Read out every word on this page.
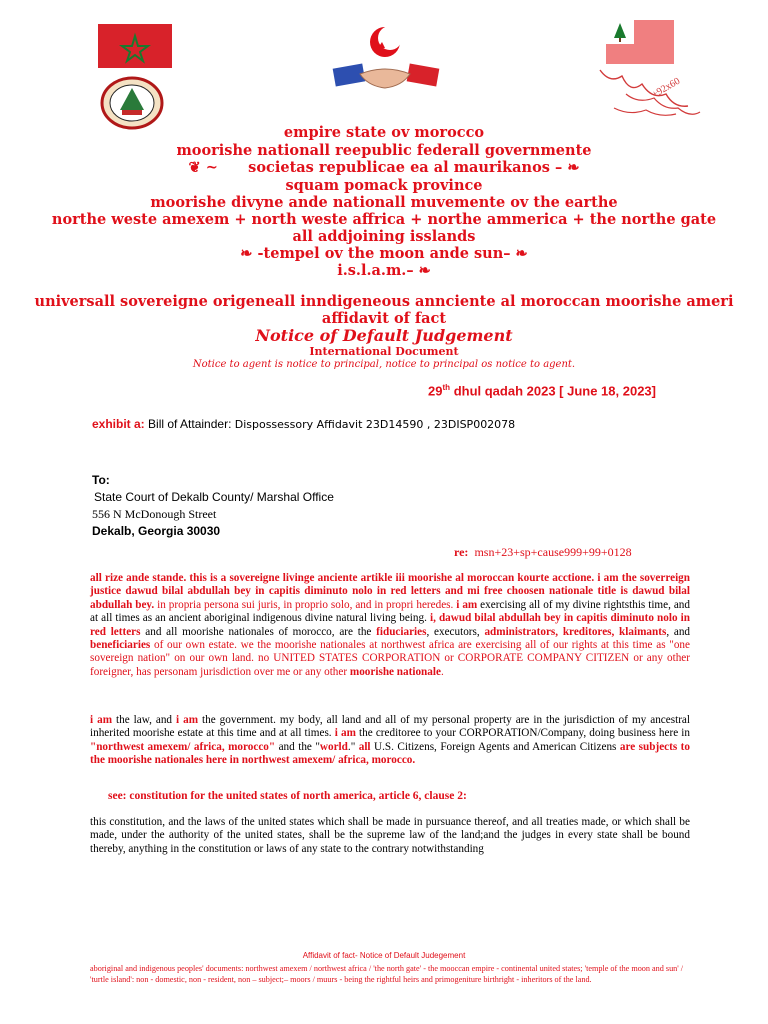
+92x60
empire state ov morocco
moorishe nationall reepublic federall governmente
❦ ~ societas republicae ea al maurikanos – ❧
squam pomack province
moorishe divyne ande nationall muvemente ov the earthe
northe weste amexem + north weste affrica + northe ammerica + the northe gate
all addjoining isslands
❧ -tempel ov the moon ande sun– ❧
i.s.l.a.m.– ❧
universall sovereigne origeneall inndigeneous annciente al moroccan moorishe ameri
affidavit of fact
Notice of Default Judgement
International Document
Notice to agent is notice to principal, notice to principal os notice to agent.
29th dhul qadah 2023 [ June 18, 2023]
exhibit a: Bill of Attainder: Dispossessory Affidavit 23D14590 , 23DISP002078
To:
State Court of Dekalb County/ Marshal Office
556 N McDonough Street
Dekalb, Georgia 30030
re: msn+23+sp+cause999+99+0128
all rize ande stande. this is a sovereigne livinge anciente artikle iii moorishe al moroccan kourte acctione. i am the soverreign justice dawud bilal abdullah bey in capitis diminuto nolo in red letters and mi free choosen nationale title is dawud bilal abdullah bey. in propria persona sui juris, in proprio solo, and in propri heredes. i am exercising all of my divine rightsthis time, and at all times as an ancient aboriginal indigenous divine natural living being. i, dawud bilal abdullah bey in capitis diminuto nolo in red letters and all moorishe nationales of morocco, are the fiduciaries, executors, administrators, kreditores, klaimants, and beneficiaries of our own estate. we the moorishe nationales at northwest africa are exercising all of our rights at this time as "one sovereign nation" on our own land. no UNITED STATES CORPORATION or CORPORATE COMPANY CITIZEN or any other foreigner, has personam jurisdiction over me or any other moorishe nationale.
i am the law, and i am the government. my body, all land and all of my personal property are in the jurisdiction of my ancestral inherited moorishe estate at this time and at all times. i am the creditoree to your CORPORATION/Company, doing business here in "northwest amexem/ africa, morocco" and the "world." all U.S. Citizens, Foreign Agents and American Citizens are subjects to the moorishe nationales here in northwest amexem/ africa, morocco.
see: constitution for the united states of north america, article 6, clause 2:
this constitution, and the laws of the united states which shall be made in pursuance thereof, and all treaties made, or which shall be made, under the authority of the united states, shall be the supreme law of the land;and the judges in every state shall be bound thereby, anything in the constitution or laws of any state to the contrary notwithstanding
Affidavit of fact- Notice of Default Judegement
aboriginal and indigenous peoples' documents: northwest amexem / northwest africa / 'the north gate' - the mooccan empire - continental united states; 'temple of the moon and sun' / 'turtle island': non - domestic, non - resident, non – subject;– moors / muurs - being the rightful heirs and primogeniture birthright - inheritors of the land.
